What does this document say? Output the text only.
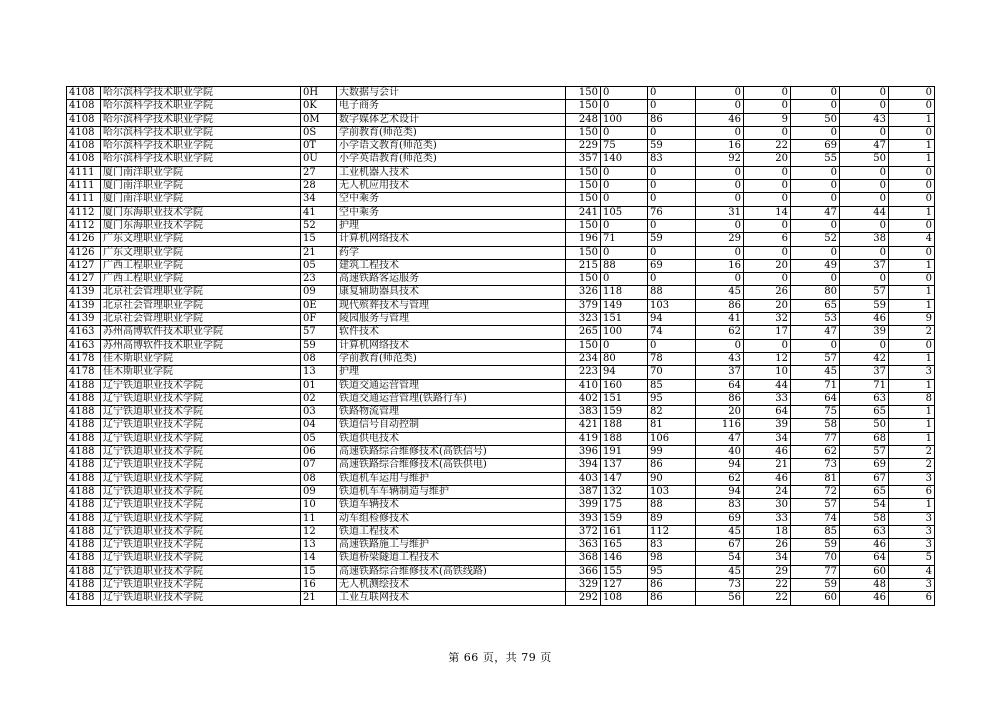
4108	哈尔滨科学技术职业学院	0H	大数据与会计	150	0	0	0	0	0	0	0
4108	哈尔滨科学技术职业学院	0K	电子商务	150	0	0	0	0	0	0	0
4108	哈尔滨科学技术职业学院	0M	数字媒体艺术设计	248	100	86	46	9	50	43	1
4108	哈尔滨科学技术职业学院	0S	学前教育(师范类)	150	0	0	0	0	0	0	0
4108	哈尔滨科学技术职业学院	0T	小学语文教育(师范类)	229	75	59	16	22	69	47	1
4108	哈尔滨科学技术职业学院	0U	小学英语教育(师范类)	357	140	83	92	20	55	50	1
4111	厦门南洋职业学院	27	工业机器人技术	150	0	0	0	0	0	0	0
4111	厦门南洋职业学院	28	无人机应用技术	150	0	0	0	0	0	0	0
4111	厦门南洋职业学院	34	空中乘务	150	0	0	0	0	0	0	0
4112	厦门东海职业技术学院	41	空中乘务	241	105	76	31	14	47	44	1
4112	厦门东海职业技术学院	52	护理	150	0	0	0	0	0	0	0
4126	广东文理职业学院	15	计算机网络技术	196	71	59	29	6	52	38	4
4126	广东文理职业学院	21	药学	150	0	0	0	0	0	0	0
4127	广西工程职业学院	05	建筑工程技术	215	88	69	16	20	49	37	1
4127	广西工程职业学院	23	高速铁路客运服务	150	0	0	0	0	0	0	0
4139	北京社会管理职业学院	09	康复辅助器具技术	326	118	88	45	26	80	57	1
4139	北京社会管理职业学院	0E	现代殡葬技术与管理	379	149	103	86	20	65	59	1
4139	北京社会管理职业学院	0F	陵园服务与管理	323	151	94	41	32	53	46	9
4163	苏州高博软件技术职业学院	57	软件技术	265	100	74	62	17	47	39	2
4163	苏州高博软件技术职业学院	59	计算机网络技术	150	0	0	0	0	0	0	0
4178	佳木斯职业学院	08	学前教育(师范类)	234	80	78	43	12	57	42	1
4178	佳木斯职业学院	13	护理	223	94	70	37	10	45	37	3
4188	辽宁铁道职业技术学院	01	铁道交通运营管理	410	160	85	64	44	71	71	1
4188	辽宁铁道职业技术学院	02	铁道交通运营管理(铁路行车)	402	151	95	86	33	64	63	8
4188	辽宁铁道职业技术学院	03	铁路物流管理	383	159	82	20	64	75	65	1
4188	辽宁铁道职业技术学院	04	铁道信号自动控制	421	188	81	116	39	58	50	1
4188	辽宁铁道职业技术学院	05	铁道供电技术	419	188	106	47	34	77	68	1
4188	辽宁铁道职业技术学院	06	高速铁路综合维修技术(高铁信号)	396	191	99	40	46	62	57	2
4188	辽宁铁道职业技术学院	07	高速铁路综合维修技术(高铁供电)	394	137	86	94	21	73	69	2
4188	辽宁铁道职业技术学院	08	铁道机车运用与维护	403	147	90	62	46	81	67	3
4188	辽宁铁道职业技术学院	09	铁道机车车辆制造与维护	387	132	103	94	24	72	65	6
4188	辽宁铁道职业技术学院	10	铁道车辆技术	399	175	88	83	30	57	54	1
4188	辽宁铁道职业技术学院	11	动车组检修技术	393	159	89	69	33	74	58	3
4188	辽宁铁道职业技术学院	12	铁道工程技术	372	161	112	45	18	85	63	3
4188	辽宁铁道职业技术学院	13	高速铁路施工与维护	363	165	83	67	26	59	46	3
4188	辽宁铁道职业技术学院	14	铁道桥梁隧道工程技术	368	146	98	54	34	70	64	5
4188	辽宁铁道职业技术学院	15	高速铁路综合维修技术(高铁线路)	366	155	95	45	29	77	60	4
4188	辽宁铁道职业技术学院	16	无人机测绘技术	329	127	86	73	22	59	48	3
4188	辽宁铁道职业技术学院	21	工业互联网技术	292	108	86	56	22	60	46	6
第 66 页，共 79 页
